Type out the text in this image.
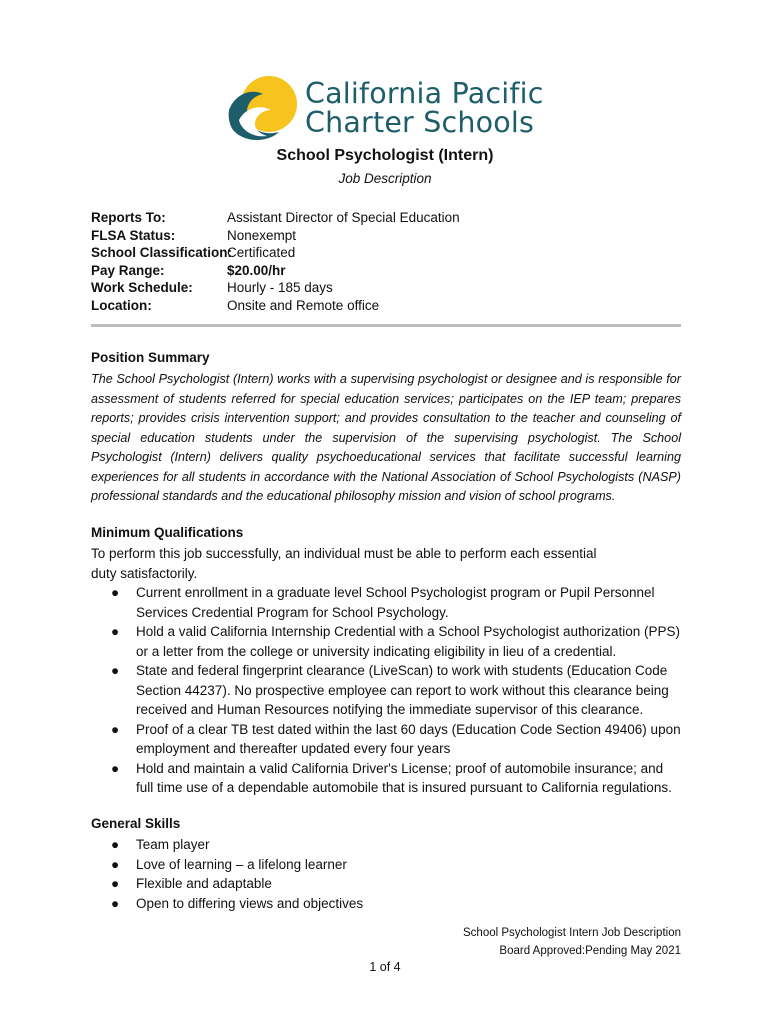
California Pacific
Charter Schools
School Psychologist (Intern)
Job Description
Reports To:	Assistant Director of Special Education
FLSA Status:	Nonexempt
School Classification:
Certificated
Pay Range:	$20.00/hr
Work Schedule:	Hourly - 185 days
Location:	Onsite and Remote office
Position Summary

The School Psychologist (Intern) works with a supervising psychologist or designee and is responsible for assessment of students referred for special education services; participates on the IEP team; prepares reports; provides crisis intervention support; and provides consultation to the teacher and counseling of special education students under the supervision of the supervising psychologist. The School Psychologist (Intern) delivers quality psychoeducational services that facilitate successful learning experiences for all students in accordance with the National Association of School Psychologists (NASP) professional standards and the educational philosophy mission and vision of school programs.

Minimum Qualifications

To perform this job successfully, an individual must be able to perform each essential duty satisfactorily.

● Current enrollment in a graduate level School Psychologist program or Pupil Personnel Services Credential Program for School Psychology.
● Hold a valid California Internship Credential with a School Psychologist authorization (PPS) or a letter from the college or university indicating eligibility in lieu of a credential.
● State and federal fingerprint clearance (LiveScan) to work with students (Education Code Section 44237). No prospective employee can report to work without this clearance being received and Human Resources notifying the immediate supervisor of this clearance.
● Proof of a clear TB test dated within the last 60 days (Education Code Section 49406) upon employment and thereafter updated every four years
● Hold and maintain a valid California Driver's License; proof of automobile insurance; and full time use of a dependable automobile that is insured pursuant to California regulations.
General Skills
● Team player
● Love of learning – a lifelong learner
● Flexible and adaptable
● Open to differing views and objectives
School Psychologist Intern Job Description
Board Approved:Pending May 2021
1 of 4
